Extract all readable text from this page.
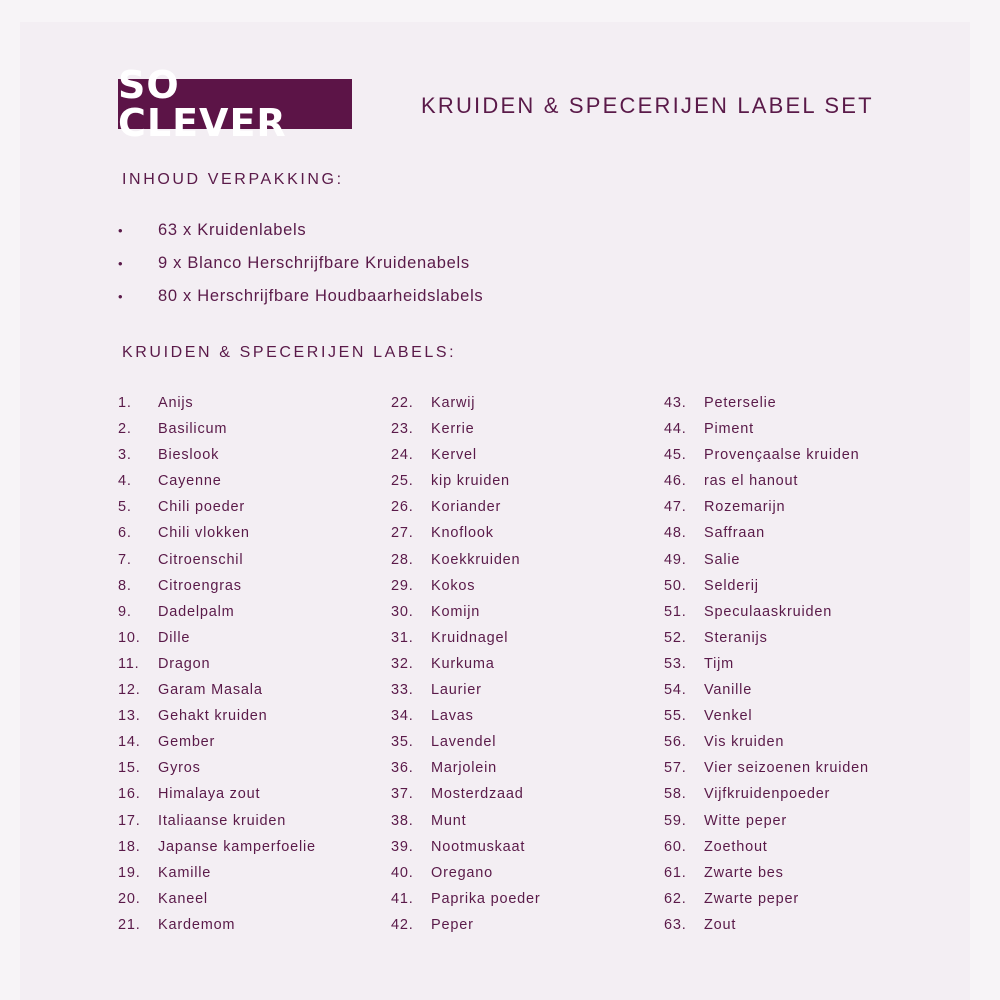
SO CLEVER	KRUIDEN & SPECERIJEN LABEL SET
INHOUD VERPAKKING:
•	63 x Kruidenlabels
•	9 x Blanco Herschrijfbare Kruidenabels
•	80 x Herschrijfbare Houdbaarheidslabels
KRUIDEN & SPECERIJEN LABELS:
1.	Anijs
2.	Basilicum
3.	Bieslook
4.	Cayenne
5.	Chili poeder
6.	Chili vlokken
7.	Citroenschil
8.	Citroengras
9.	Dadelpalm
10.	Dille
11.	Dragon
12.	Garam Masala
13.	Gehakt kruiden
14.	Gember
15.	Gyros
16.	Himalaya zout
17.	Italiaanse kruiden
18.	Japanse kamperfoelie
19.	Kamille
20.	Kaneel
21.	Kardemom
22.	Karwij
23.	Kerrie
24.	Kervel
25.	kip kruiden
26.	Koriander
27.	Knoflook
28.	Koekkruiden
29.	Kokos
30.	Komijn
31.	Kruidnagel
32.	Kurkuma
33.	Laurier
34.	Lavas
35.	Lavendel
36.	Marjolein
37.	Mosterdzaad
38.	Munt
39.	Nootmuskaat
40.	Oregano
41.	Paprika poeder
42.	Peper
43.	Peterselie
44.	Piment
45.	Provençaalse kruiden
46.	ras el hanout
47.	Rozemarijn
48.	Saffraan
49.	Salie
50.	Selderij
51.	Speculaaskruiden
52.	Steranijs
53.	Tijm
54.	Vanille
55.	Venkel
56.	Vis kruiden
57.	Vier seizoenen kruiden
58.	Vijfkruidenpoeder
59.	Witte peper
60.	Zoethout
61.	Zwarte bes
62.	Zwarte peper
63.	Zout
